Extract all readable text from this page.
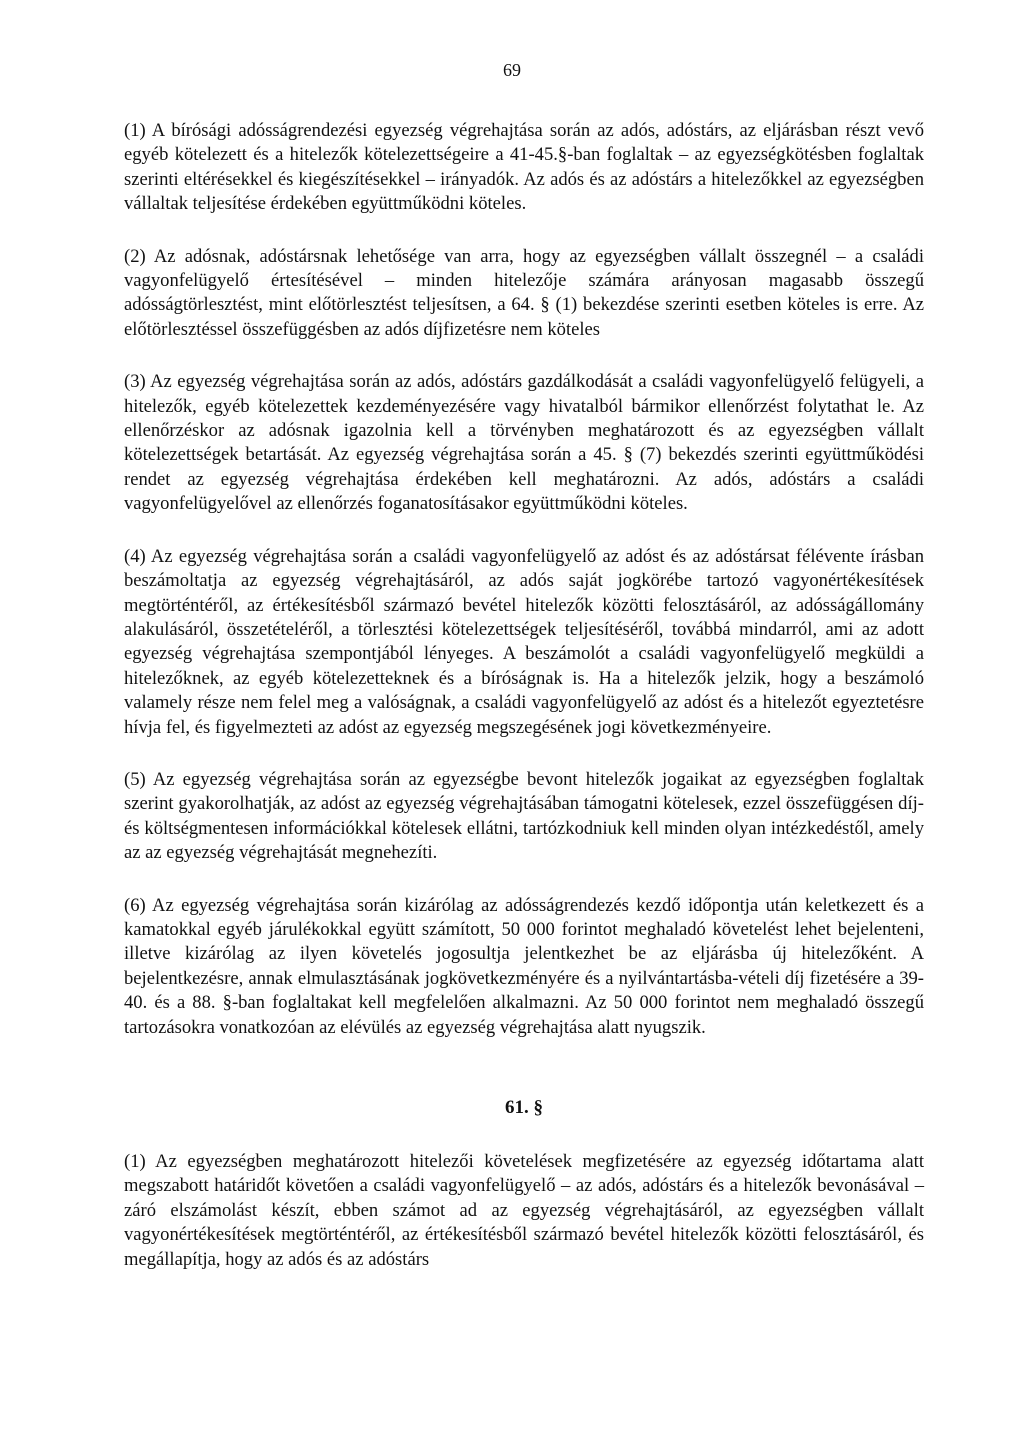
69

(1) A bírósági adósságrendezési egyezség végrehajtása során az adós, adóstárs, az eljárásban részt vevő egyéb kötelezett és a hitelezők kötelezettségeire a 41-45.§-ban foglaltak – az egyezségkötésben foglaltak szerinti eltérésekkel és kiegészítésekkel – irányadók. Az adós és az adóstárs a hitelezőkkel az egyezségben vállaltak teljesítése érdekében együttműködni köteles.

(2) Az adósnak, adóstársnak lehetősége van arra, hogy az egyezségben vállalt összegnél – a családi vagyonfelügyelő értesítésével – minden hitelezője számára arányosan magasabb összegű adósságtörlesztést, mint előtörlesztést teljesítsen, a 64. § (1) bekezdése szerinti esetben köteles is erre. Az előtörlesztéssel összefüggésben az adós díjfizetésre nem köteles

(3) Az egyezség végrehajtása során az adós, adóstárs gazdálkodását a családi vagyonfelügyelő felügyeli, a hitelezők, egyéb kötelezettek kezdeményezésére vagy hivatalból bármikor ellenőrzést folytathat le. Az ellenőrzéskor az adósnak igazolnia kell a törvényben meghatározott és az egyezségben vállalt kötelezettségek betartását. Az egyezség végrehajtása során a 45. § (7) bekezdés szerinti együttműködési rendet az egyezség végrehajtása érdekében kell meghatározni. Az adós, adóstárs a családi vagyonfelügyelővel az ellenőrzés foganatosításakor együttműködni köteles.

(4) Az egyezség végrehajtása során a családi vagyonfelügyelő az adóst és az adóstársat félévente írásban beszámoltatja az egyezség végrehajtásáról, az adós saját jogkörébe tartozó vagyonértékesítések megtörténtéről, az értékesítésből származó bevétel hitelezők közötti felosztásáról, az adósságállomány alakulásáról, összetételéről, a törlesztési kötelezettségek teljesítéséről, továbbá mindarról, ami az adott egyezség végrehajtása szempontjából lényeges. A beszámolót a családi vagyonfelügyelő megküldi a hitelezőknek, az egyéb kötelezetteknek és a bíróságnak is. Ha a hitelezők jelzik, hogy a beszámoló valamely része nem felel meg a valóságnak, a családi vagyonfelügyelő az adóst és a hitelezőt egyeztetésre hívja fel, és figyelmezteti az adóst az egyezség megszegésének jogi következményeire.

(5) Az egyezség végrehajtása során az egyezségbe bevont hitelezők jogaikat az egyezségben foglaltak szerint gyakorolhatják, az adóst az egyezség végrehajtásában támogatni kötelesek, ezzel összefüggésen díj- és költségmentesen információkkal kötelesek ellátni, tartózkodniuk kell minden olyan intézkedéstől, amely az az egyezség végrehajtását megnehezíti.

(6) Az egyezség végrehajtása során kizárólag az adósságrendezés kezdő időpontja után keletkezett és a kamatokkal egyéb járulékokkal együtt számított, 50 000 forintot meghaladó követelést lehet bejelenteni, illetve kizárólag az ilyen követelés jogosultja jelentkezhet be az eljárásba új hitelezőként. A bejelentkezésre, annak elmulasztásának jogkövetkezményére és a nyilvántartásba-vételi díj fizetésére a 39-40. és a 88. §-ban foglaltakat kell megfelelően alkalmazni. Az 50 000 forintot nem meghaladó összegű tartozásokra vonatkozóan az elévülés az egyezség végrehajtása alatt nyugszik.

61. §

(1) Az egyezségben meghatározott hitelezői követelések megfizetésére az egyezség időtartama alatt megszabott határidőt követően a családi vagyonfelügyelő – az adós, adóstárs és a hitelezők bevonásával – záró elszámolást készít, ebben számot ad az egyezség végrehajtásáról, az egyezségben vállalt vagyonértékesítések megtörténtéről, az értékesítésből származó bevétel hitelezők közötti felosztásáról, és megállapítja, hogy az adós és az adóstárs
